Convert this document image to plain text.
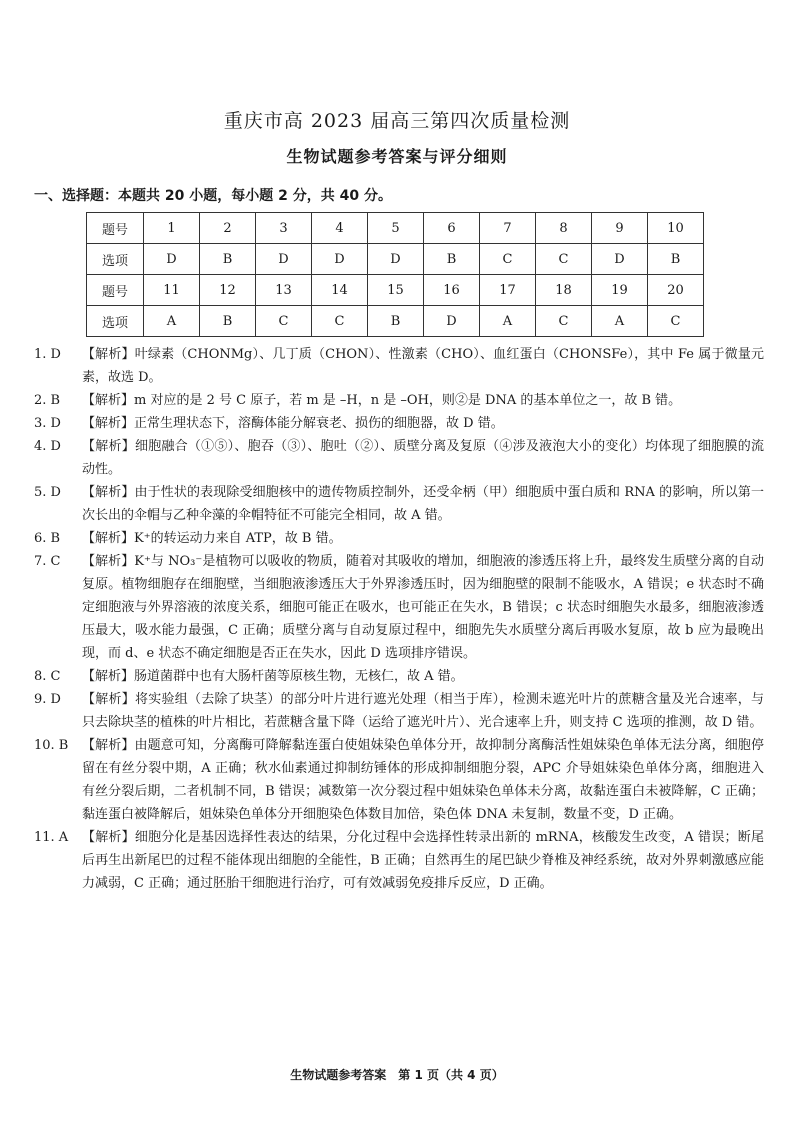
重庆市高 2023 届高三第四次质量检测
生物试题参考答案与评分细则
一、选择题：本题共 20 小题，每小题 2 分，共 40 分。
题号	1	2	3	4	5	6	7	8	9	10
选项	D	B	D	D	D	B	C	C	D	B
题号	11	12	13	14	15	16	17	18	19	20
选项	A	B	C	C	B	D	A	C	A	C
1. D	【解析】叶绿素（CHONMg）、几丁质（CHON）、性激素（CHO）、血红蛋白（CHONSFe），其中 Fe 属于微量元素，故选 D。
2. B	【解析】m 对应的是 2 号 C 原子，若 m 是 –H，n 是 –OH，则②是 DNA 的基本单位之一，故 B 错。
3. D	【解析】正常生理状态下，溶酶体能分解衰老、损伤的细胞器，故 D 错。
4. D	【解析】细胞融合（①⑤）、胞吞（③）、胞吐（②）、质壁分离及复原（④涉及液泡大小的变化）均体现了细胞膜的流动性。
5. D	【解析】由于性状的表现除受细胞核中的遗传物质控制外，还受伞柄（甲）细胞质中蛋白质和 RNA 的影响，所以第一次长出的伞帽与乙种伞藻的伞帽特征不可能完全相同，故 A 错。
6. B	【解析】K⁺的转运动力来自 ATP，故 B 错。
7. C	【解析】K⁺与 NO₃⁻是植物可以吸收的物质，随着对其吸收的增加，细胞液的渗透压将上升，最终发生质壁分离的自动复原。植物细胞存在细胞壁，当细胞液渗透压大于外界渗透压时，因为细胞壁的限制不能吸水，A 错误；e 状态时不确定细胞液与外界溶液的浓度关系，细胞可能正在吸水，也可能正在失水，B 错误；c 状态时细胞失水最多，细胞液渗透压最大，吸水能力最强，C 正确；质壁分离与自动复原过程中，细胞先失水质壁分离后再吸水复原，故 b 应为最晚出现，而 d、e 状态不确定细胞是否正在失水，因此 D 选项排序错误。
8. C	【解析】肠道菌群中也有大肠杆菌等原核生物，无核仁，故 A 错。
9. D	【解析】将实验组（去除了块茎）的部分叶片进行遮光处理（相当于库），检测未遮光叶片的蔗糖含量及光合速率，与只去除块茎的植株的叶片相比，若蔗糖含量下降（运给了遮光叶片）、光合速率上升，则支持 C 选项的推测，故 D 错。
10. B	【解析】由题意可知，分离酶可降解黏连蛋白使姐妹染色单体分开，故抑制分离酶活性姐妹染色单体无法分离，细胞停留在有丝分裂中期，A 正确；秋水仙素通过抑制纺锤体的形成抑制细胞分裂，APC 介导姐妹染色单体分离，细胞进入有丝分裂后期，二者机制不同，B 错误；减数第一次分裂过程中姐妹染色单体未分离，故黏连蛋白未被降解，C 正确；黏连蛋白被降解后，姐妹染色单体分开细胞染色体数目加倍，染色体 DNA 未复制，数量不变，D 正确。
11. A	【解析】细胞分化是基因选择性表达的结果，分化过程中会选择性转录出新的 mRNA，核酸发生改变，A 错误；断尾后再生出新尾巴的过程不能体现出细胞的全能性，B 正确；自然再生的尾巴缺少脊椎及神经系统，故对外界刺激感应能力减弱，C 正确；通过胚胎干细胞进行治疗，可有效减弱免疫排斥反应，D 正确。
生物试题参考答案　第 1 页（共 4 页）
